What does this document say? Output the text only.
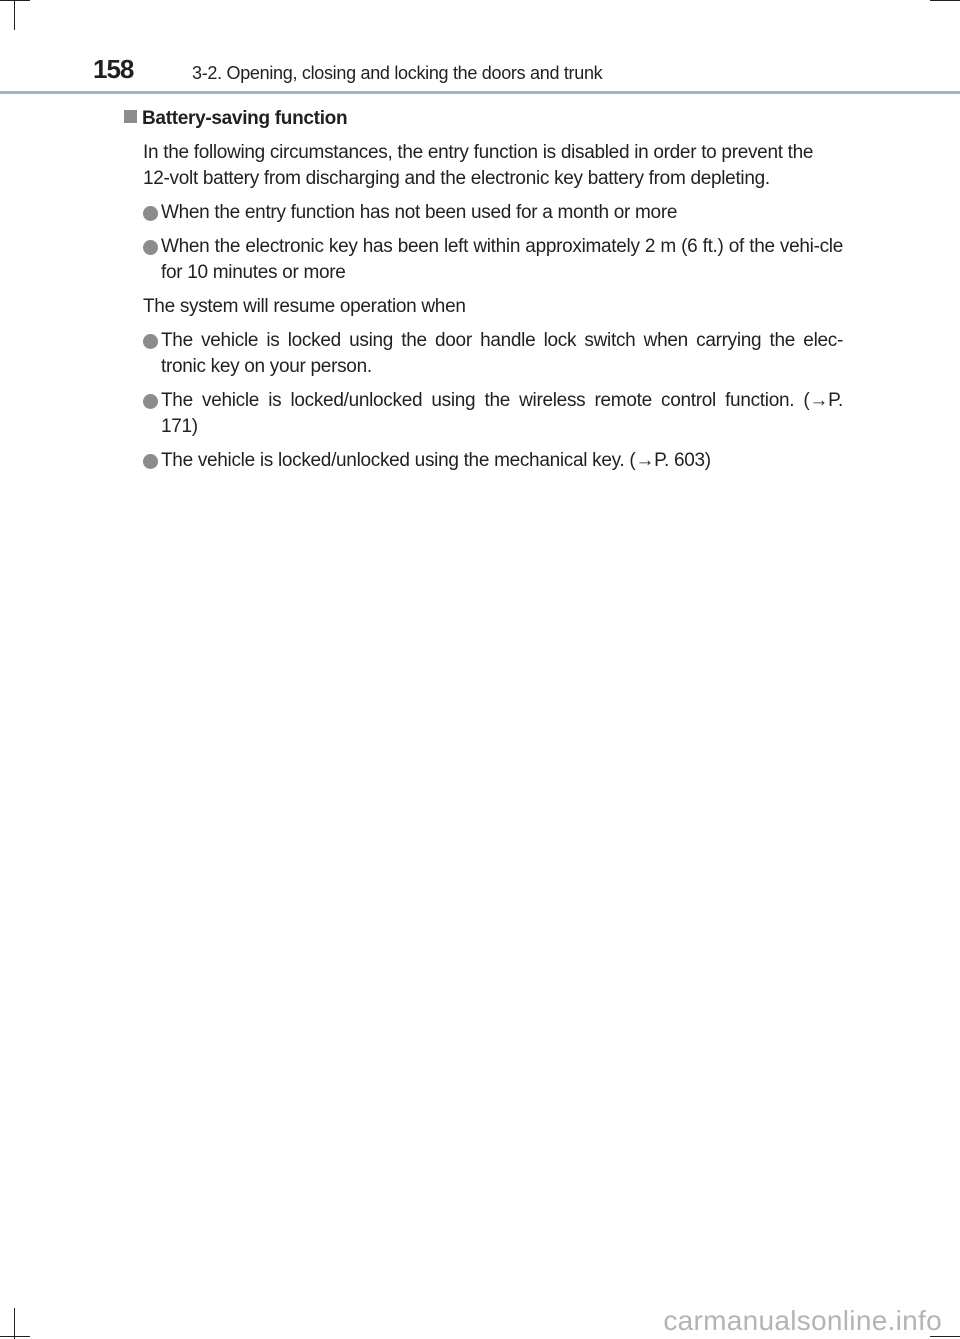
158	3-2. Opening, closing and locking the doors and trunk
Battery-saving function
In the following circumstances, the entry function is disabled in order to prevent the 12-volt battery from discharging and the electronic key battery from depleting.
When the entry function has not been used for a month or more
When the electronic key has been left within approximately 2 m (6 ft.) of the vehi-cle for 10 minutes or more
The system will resume operation when
The vehicle is locked using the door handle lock switch when carrying the elec-tronic key on your person.
The vehicle is locked/unlocked using the wireless remote control function. (→P. 171)
The vehicle is locked/unlocked using the mechanical key. (→P. 603)
carmanualsonline.info
